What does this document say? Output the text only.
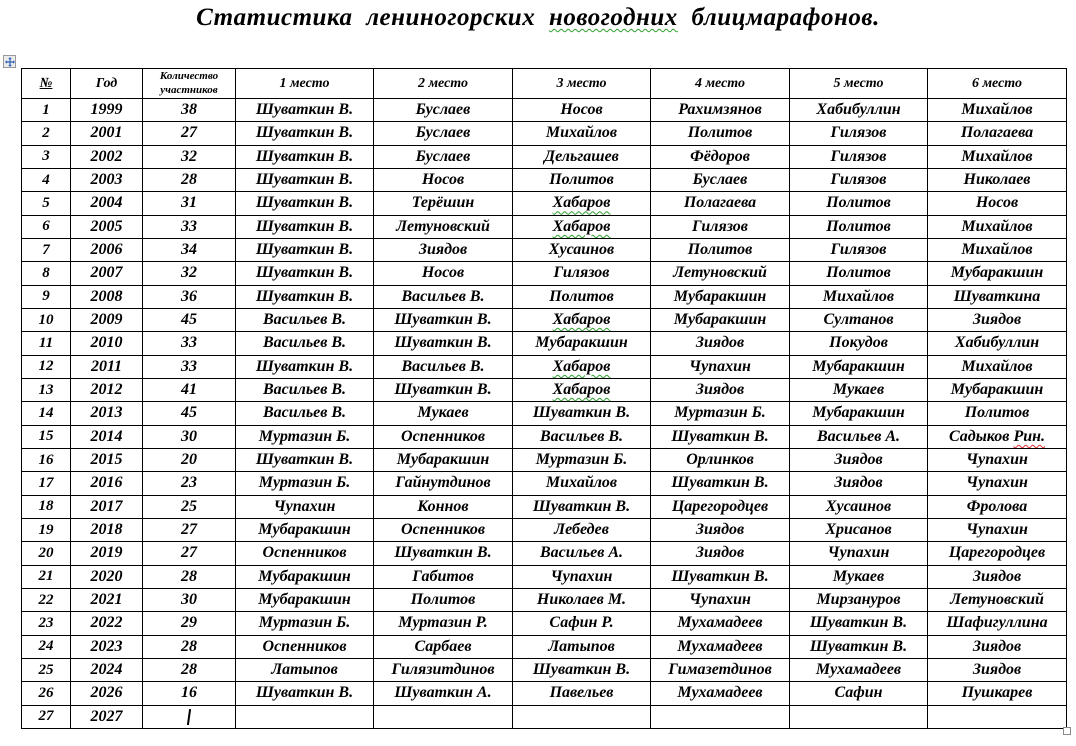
Статистика лениногорских новогодних блицмарафонов.
№	Год	Количество участников	1 место	2 место	3 место	4 место	5 место	6 место
1	1999	38	Шуваткин В.	Буслаев	Носов	Рахимзянов	Хабибуллин	Михайлов
2	2001	27	Шуваткин В.	Буслаев	Михайлов	Политов	Гилязов	Полагаева
3	2002	32	Шуваткин В.	Буслаев	Дельгашев	Фёдоров	Гилязов	Михайлов
4	2003	28	Шуваткин В.	Носов	Политов	Буслаев	Гилязов	Николаев
5	2004	31	Шуваткин В.	Терёшин	Хабаров	Полагаева	Политов	Носов
6	2005	33	Шуваткин В.	Летуновский	Хабаров	Гилязов	Политов	Михайлов
7	2006	34	Шуваткин В.	Зиядов	Хусаинов	Политов	Гилязов	Михайлов
8	2007	32	Шуваткин В.	Носов	Гилязов	Летуновский	Политов	Мубаракшин
9	2008	36	Шуваткин В.	Васильев В.	Политов	Мубаракшин	Михайлов	Шуваткина
10	2009	45	Васильев В.	Шуваткин В.	Хабаров	Мубаракшин	Султанов	Зиядов
11	2010	33	Васильев В.	Шуваткин В.	Мубаракшин	Зиядов	Покудов	Хабибуллин
12	2011	33	Шуваткин В.	Васильев В.	Хабаров	Чупахин	Мубаракшин	Михайлов
13	2012	41	Васильев В.	Шуваткин В.	Хабаров	Зиядов	Мукаев	Мубаракшин
14	2013	45	Васильев В.	Мукаев	Шуваткин В.	Муртазин Б.	Мубаракшин	Политов
15	2014	30	Муртазин Б.	Оспенников	Васильев В.	Шуваткин В.	Васильев А.	Садыков Рин.
16	2015	20	Шуваткин В.	Мубаракшин	Муртазин Б.	Орлинков	Зиядов	Чупахин
17	2016	23	Муртазин Б.	Гайнутдинов	Михайлов	Шуваткин В.	Зиядов	Чупахин
18	2017	25	Чупахин	Коннов	Шуваткин В.	Царегородцев	Хусаинов	Фролова
19	2018	27	Мубаракшин	Оспенников	Лебедев	Зиядов	Хрисанов	Чупахин
20	2019	27	Оспенников	Шуваткин В.	Васильев А.	Зиядов	Чупахин	Царегородцев
21	2020	28	Мубаракшин	Габитов	Чупахин	Шуваткин В.	Мукаев	Зиядов
22	2021	30	Мубаракшин	Политов	Николаев М.	Чупахин	Мирзануров	Летуновский
23	2022	29	Муртазин Б.	Муртазин Р.	Сафин Р.	Мухамадеев	Шуваткин В.	Шафигуллина
24	2023	28	Оспенников	Сарбаев	Латыпов	Мухамадеев	Шуваткин В.	Зиядов
25	2024	28	Латыпов	Гилязитдинов	Шуваткин В.	Гимазетдинов	Мухамадеев	Зиядов
26	2026	16	Шуваткин В.	Шуваткин А.	Павельев	Мухамадеев	Сафин	Пушкарев
27	2027							
